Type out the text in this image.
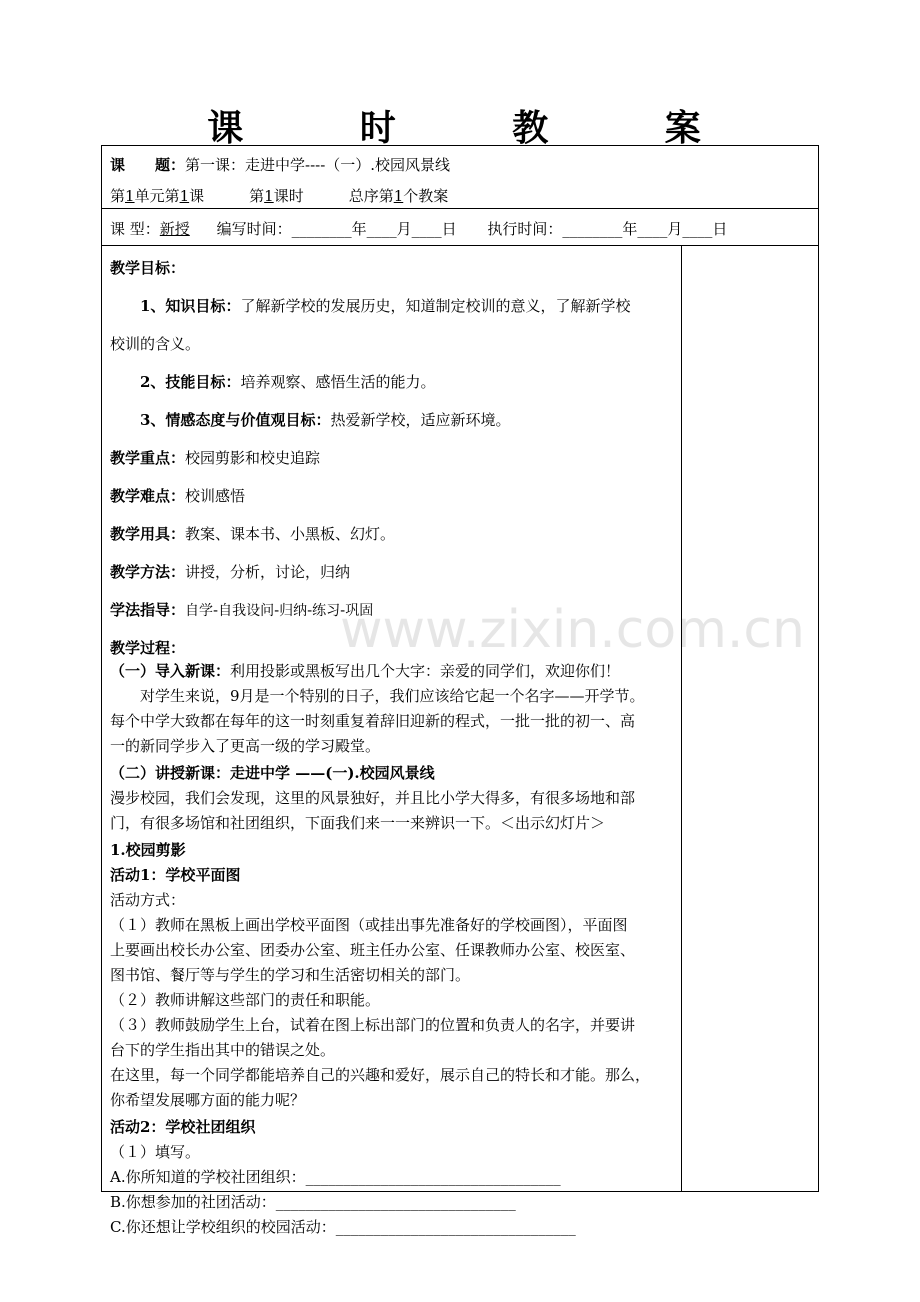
www.zixin.com.cn
课 时 教 案
课　　题：第一课：走进中学----（一）.校园风景线
第1单元第1课　　　第1课时　　　总序第1个教案
课 型：新授 编写时间：________年____月____日 执行时间：________年____月____日

教学目标：

1、知识目标：了解新学校的发展历史，知道制定校训的意义，了解新学校

校训的含义。

2、技能目标：培养观察、感悟生活的能力。

3、情感态度与价值观目标：热爱新学校，适应新环境。

教学重点：校园剪影和校史追踪

教学难点：校训感悟

教学用具：教案、课本书、小黑板、幻灯。

教学方法：讲授，分析，讨论，归纳

学法指导：自学-自我设问-归纳-练习-巩固

教学过程：

（一）导入新课：利用投影或黑板写出几个大字：亲爱的同学们，欢迎你们！

　　对学生来说，9月是一个特别的日子，我们应该给它起一个名字——开学节。

每个中学大致都在每年的这一时刻重复着辞旧迎新的程式，一批一批的初一、高

一的新同学步入了更高一级的学习殿堂。

（二）讲授新课：走进中学 ——(一).校园风景线

漫步校园，我们会发现，这里的风景独好，并且比小学大得多，有很多场地和部

门，有很多场馆和社团组织，下面我们来一一来辨识一下。＜出示幻灯片＞

1.校园剪影

活动1：学校平面图

活动方式：

（１）教师在黑板上画出学校平面图（或挂出事先准备好的学校画图），平面图

上要画出校长办公室、团委办公室、班主任办公室、任课教师办公室、校医室、

图书馆、餐厅等与学生的学习和生活密切相关的部门。

（２）教师讲解这些部门的责任和职能。

（３）教师鼓励学生上台，试着在图上标出部门的位置和负责人的名字，并要讲

台下的学生指出其中的错误之处。

在这里，每一个同学都能培养自己的兴趣和爱好，展示自己的特长和才能。那么，

你希望发展哪方面的能力呢？

活动2：学校社团组织

（１）填写。

A.你所知道的学校社团组织：__________________________________

B.你想参加的社团活动：________________________________

C.你还想让学校组织的校园活动：________________________________
